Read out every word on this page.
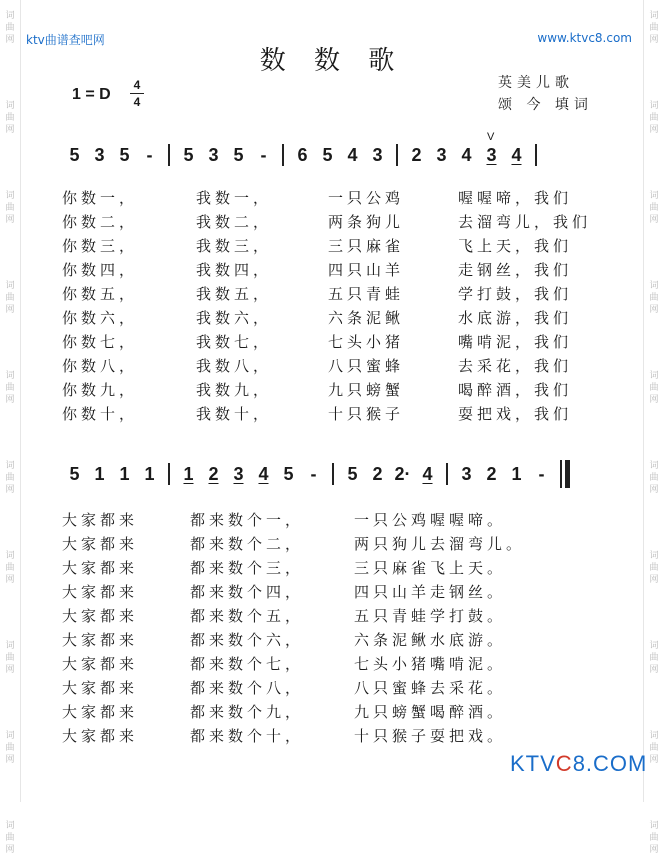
词
曲
网
词
曲
网
词
曲
网
词
曲
网
词
曲
网
词
曲
网
词
曲
网
词
曲
网
词
曲
网
词
曲
网
词
曲
网
词
曲
网
词
曲
网
词
曲
网
词
曲
网
词
曲
网
词
曲
网
词
曲
网
词
曲
网
词
曲
网
ktv曲谱查吧网	www.ktvc8.com
数 数 歌
1 = D
4
4
英美儿歌
颂 今 填词
5 3 5 -	5 3 5 -	6 5 4 3	2 3 4 3
V
4
你数一，	我数一，	一只公鸡	喔喔啼，我们
你数二，	我数二，	两条狗儿	去溜弯儿，我们
你数三，	我数三，	三只麻雀	飞上天，我们
你数四，	我数四，	四只山羊	走钢丝，我们
你数五，	我数五，	五只青蛙	学打鼓，我们
你数六，	我数六，	六条泥鳅	水底游，我们
你数七，	我数七，	七头小猪	嘴啃泥，我们
你数八，	我数八，	八只蜜蜂	去采花，我们
你数九，	我数九，	九只螃蟹	喝醉酒，我们
你数十，	我数十，	十只猴子	耍把戏，我们
5 1 1 1	1 2 3 4 5 -	5 2 2· 4	3 2 1 -
大家都来	都来数个一，	一只公鸡喔喔啼。
大家都来	都来数个二，	两只狗儿去溜弯儿。
大家都来	都来数个三，	三只麻雀飞上天。
大家都来	都来数个四，	四只山羊走钢丝。
大家都来	都来数个五，	五只青蛙学打鼓。
大家都来	都来数个六，	六条泥鳅水底游。
大家都来	都来数个七，	七头小猪嘴啃泥。
大家都来	都来数个八，	八只蜜蜂去采花。
大家都来	都来数个九，	九只螃蟹喝醉酒。
大家都来	都来数个十，	十只猴子耍把戏。
KTVC8.COM
